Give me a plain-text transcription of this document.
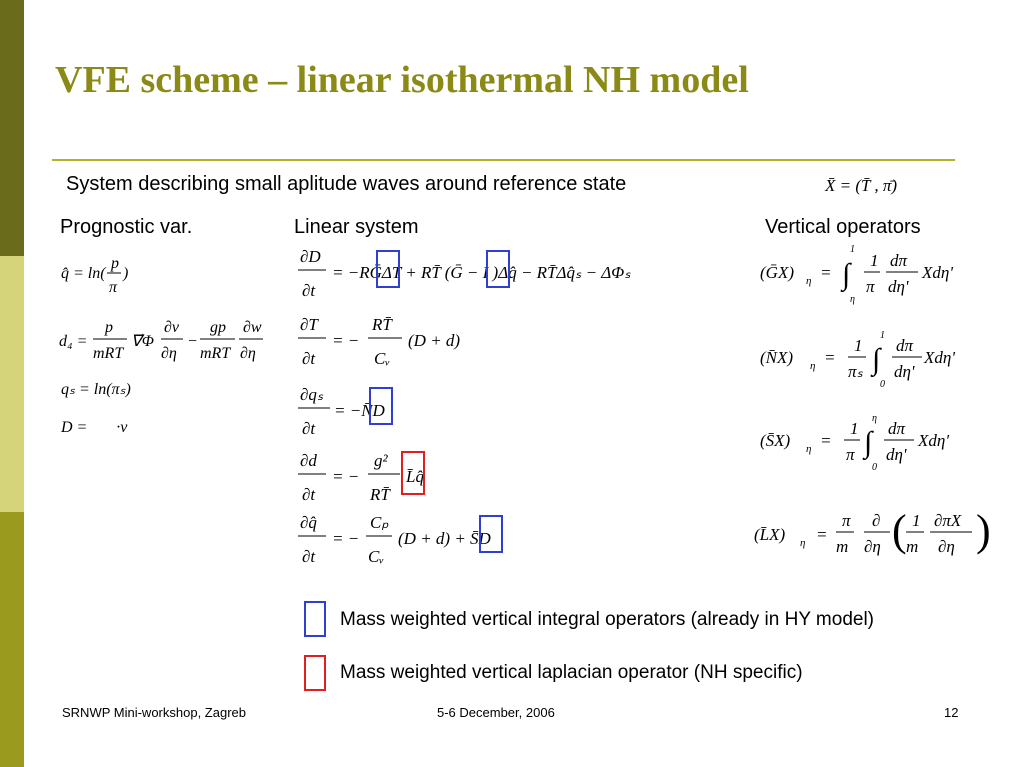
VFE scheme – linear isothermal NH model
System describing small aplitude waves around reference state	X̄ = (T̄ , π̄)
Prognostic var.	Linear system	Vertical operators
q̂ = ln(
p
π
)
d₄ =
p
mRT
∇⃗Φ
∂v⃗
∂η
−
gp
mRT
∂w
∂η
qₛ = ln(πₛ)
D = ∇⃗·v⃗
∂D
∂t
= −RḠΔT + RT̄ (Ḡ − I )Δq̂ − RT̄Δq̂ₛ − ΔΦₛ
∂T
∂t
= −
RT̄
Cᵥ
(D + d)
∂qₛ
∂t
= −N̄D
∂d
∂t
= −
g²
RT̄
L̄q̂
∂q̂
∂t
= −
Cₚ
Cᵥ
(D + d) + S̄D
(ḠX) η = ∫
1
η
1
π
dπ
dη'
Xdη'
(N̄X) η =
1
πₛ ∫
1
0
dπ
dη'
Xdη'
(S̄X) η =
1
π ∫
η
0
dπ
dη'
Xdη'
(L̄X) η =
π
m
∂
∂η ( 1
m
∂πX
∂η )
Mass weighted vertical integral operators (already in HY model)
Mass weighted vertical laplacian operator (NH specific)
SRNWP Mini-workshop, Zagreb	5-6 December, 2006	12
